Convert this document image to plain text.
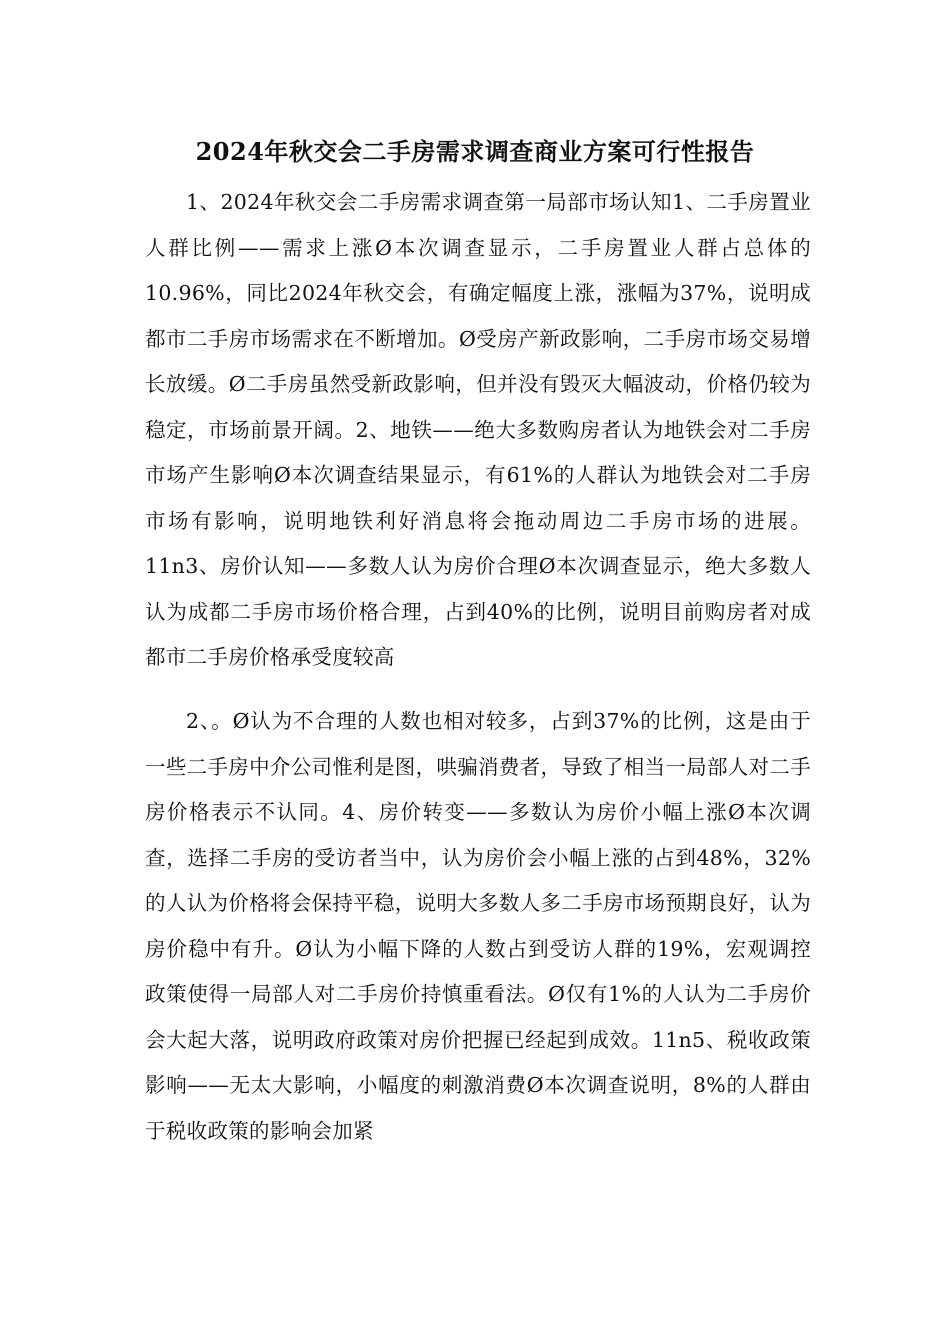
2024年秋交会二手房需求调查商业方案可行性报告

1、2024年秋交会二手房需求调查第一局部市场认知1、二手房置业人群比例——需求上涨Ø本次调查显示，二手房置业人群占总体的10.96%，同比2024年秋交会，有确定幅度上涨，涨幅为37%，说明成都市二手房市场需求在不断增加。Ø受房产新政影响，二手房市场交易增长放缓。Ø二手房虽然受新政影响，但并没有毁灭大幅波动，价格仍较为稳定，市场前景开阔。2、地铁——绝大多数购房者认为地铁会对二手房市场产生影响Ø本次调查结果显示，有61%的人群认为地铁会对二手房市场有影响，说明地铁利好消息将会拖动周边二手房市场的进展。11n3、房价认知——多数人认为房价合理Ø本次调查显示，绝大多数人认为成都二手房市场价格合理，占到40%的比例，说明目前购房者对成都市二手房价格承受度较高

2、。Ø认为不合理的人数也相对较多，占到37%的比例，这是由于一些二手房中介公司惟利是图，哄骗消费者，导致了相当一局部人对二手房价格表示不认同。4、房价转变——多数认为房价小幅上涨Ø本次调查，选择二手房的受访者当中，认为房价会小幅上涨的占到48%，32%的人认为价格将会保持平稳，说明大多数人多二手房市场预期良好，认为房价稳中有升。Ø认为小幅下降的人数占到受访人群的19%，宏观调控政策使得一局部人对二手房价持慎重看法。Ø仅有1%的人认为二手房价会大起大落，说明政府政策对房价把握已经起到成效。11n5、税收政策影响——无太大影响，小幅度的刺激消费Ø本次调查说明，8%的人群由于税收政策的影响会加紧
